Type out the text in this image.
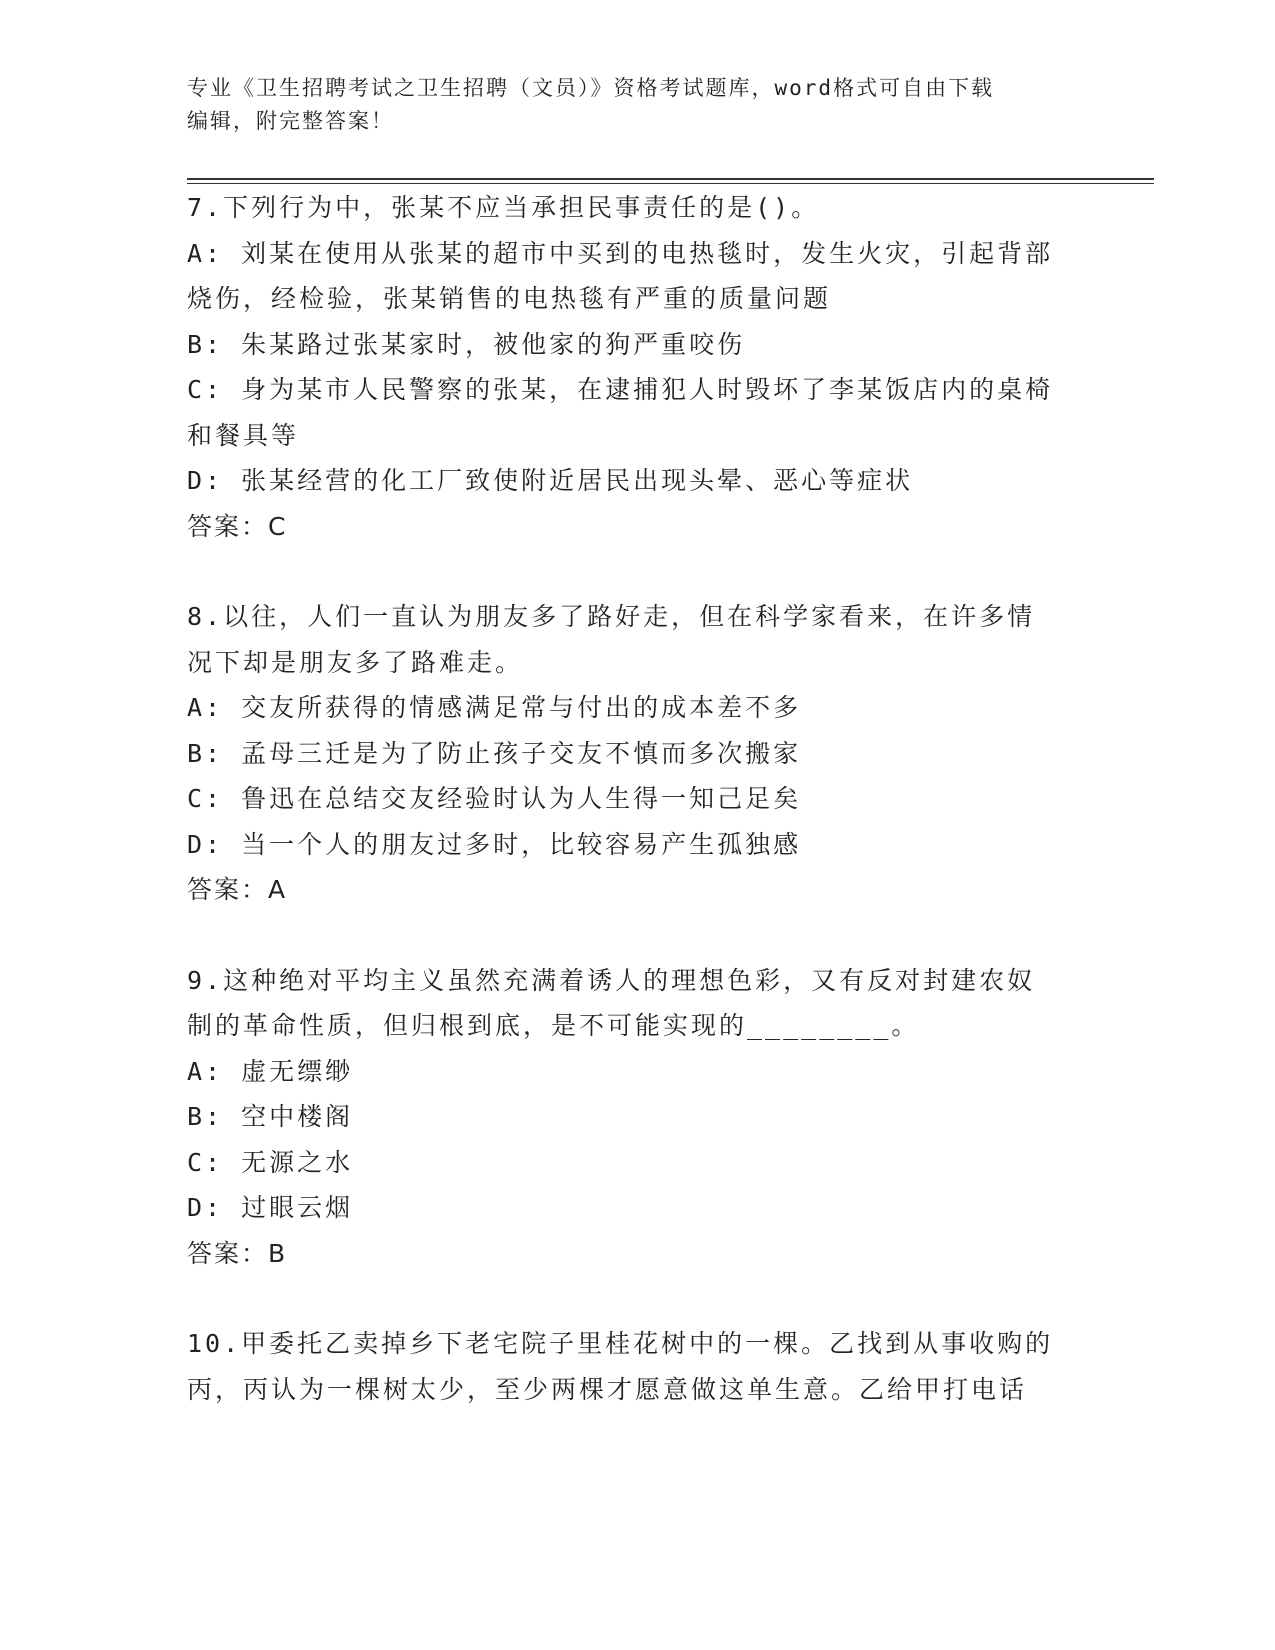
专业《卫生招聘考试之卫生招聘（文员）》资格考试题库，word格式可自由下载
编辑，附完整答案！
7.下列行为中，张某不应当承担民事责任的是()。
A: 刘某在使用从张某的超市中买到的电热毯时，发生火灾，引起背部
烧伤，经检验，张某销售的电热毯有严重的质量问题
B: 朱某路过张某家时，被他家的狗严重咬伤
C: 身为某市人民警察的张某，在逮捕犯人时毁坏了李某饭店内的桌椅
和餐具等
D: 张某经营的化工厂致使附近居民出现头晕、恶心等症状
答案：C
8.以往，人们一直认为朋友多了路好走，但在科学家看来，在许多情
况下却是朋友多了路难走。
A: 交友所获得的情感满足常与付出的成本差不多
B: 孟母三迁是为了防止孩子交友不慎而多次搬家
C: 鲁迅在总结交友经验时认为人生得一知己足矣
D: 当一个人的朋友过多时，比较容易产生孤独感
答案：A
9.这种绝对平均主义虽然充满着诱人的理想色彩，又有反对封建农奴
制的革命性质，但归根到底，是不可能实现的________。
A: 虚无缥缈
B: 空中楼阁
C: 无源之水
D: 过眼云烟
答案：B
10.甲委托乙卖掉乡下老宅院子里桂花树中的一棵。乙找到从事收购的
丙，丙认为一棵树太少，至少两棵才愿意做这单生意。乙给甲打电话
